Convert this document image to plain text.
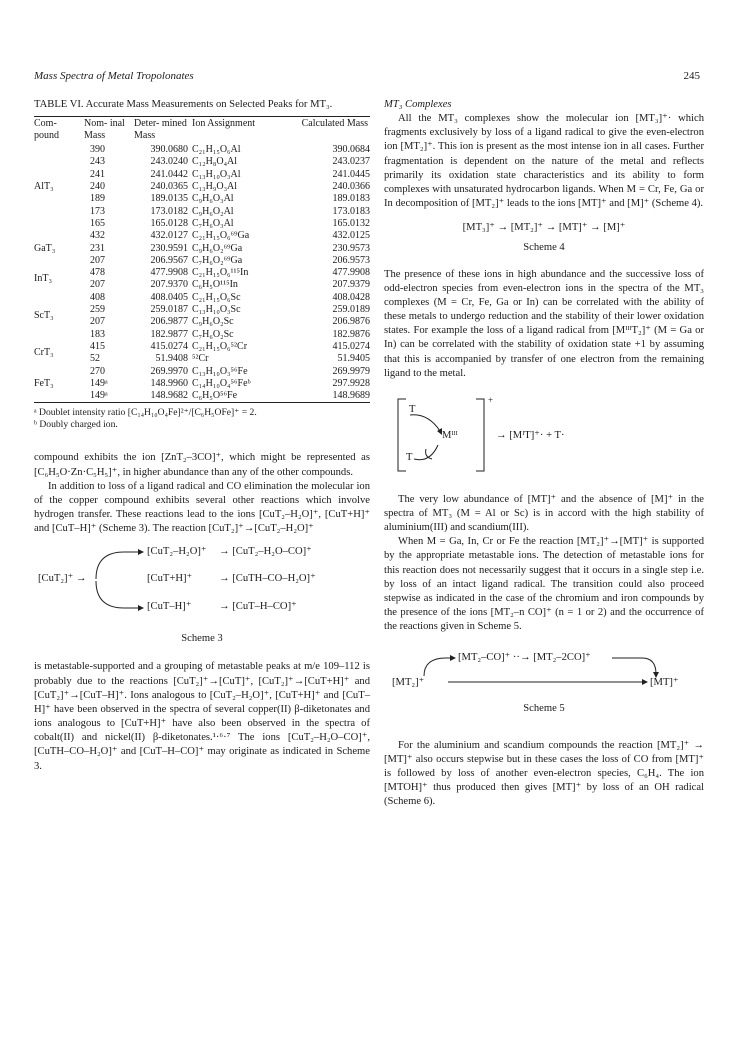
Mass Spectra of Metal Tropolonates	245

TABLE VI. Accurate Mass Measurements on Selected Peaks for MT₃.

Com- pound	Nom- inal Mass	Deter- mined Mass	Ion Assignment	Calculated Mass
AlT₃	390	390.0680	C₂₁H₁₅O₆Al	390.0684
	243	243.0240	C₁₂H₈O₄Al	243.0237
	241	241.0442	C₁₃H₁₀O₃Al	241.0445
	240	240.0365	C₁₃H₉O₃Al	240.0366
	189	189.0135	C₉H₆O₃Al	189.0183
	173	173.0182	C₉H₆O₂Al	173.0183
	165	165.0128	C₇H₆O₃Al	165.0132
GaT₃	432	432.0127	C₂₁H₁₅O₆⁶⁹Ga	432.0125
	231	230.9591	C₉H₆O₂⁶⁹Ga	230.9573
	207	206.9567	C₇H₆O₂⁶⁹Ga	206.9573
InT₃	478	477.9908	C₂₁H₁₅O₆¹¹⁵In	477.9908
	207	207.9370	C₆H₅O¹¹⁵In	207.9379
ScT₃	408	408.0405	C₂₁H₁₅O₆Sc	408.0428
	259	259.0187	C₁₃H₁₀O₃Sc	259.0189
	207	206.9877	C₉H₆O₂Sc	206.9876
	183	182.9877	C₇H₆O₂Sc	182.9876
CrT₃	415	415.0274	C₂₁H₁₅O₆⁵²Cr	415.0274
	52	51.9408	⁵²Cr	51.9405
FeT₃	270	269.9970	C₁₃H₁₀O₃⁵⁶Fe	269.9979
	149ᵃ	148.9960	C₁₄H₁₀O₄⁵⁶Feᵇ	297.9928
	149ᵃ	148.9682	C₆H₅O⁵⁶Fe	148.9689
ᵃ Doublet intensity ratio [C₁₄H₁₀O₄Fe]²⁺/[C₆H₅OFe]⁺ = 2.
ᵇ Doubly charged ion.

compound exhibits the ion [ZnT₂–3CO]⁺, which might be represented as [C₆H₅O·Zn·C₅H₅]⁺, in higher abundance than any of the other compounds.

In addition to loss of a ligand radical and CO elimination the molecular ion of the copper compound exhibits several other reactions which involve hydrogen transfer. These reactions lead to the ions [CuT₂–H₂O]⁺, [CuT+H]⁺ and [CuT–H]⁺ (Scheme 3). The reaction [CuT₂]⁺→[CuT₂–H₂O]⁺

[CuT₂]⁺ →
[CuT₂–H₂O]⁺ → [CuT₂–H₂O–CO]⁺
[CuT+H]⁺	→ [CuTH–CO–H₂O]⁺
[CuT–H]⁺	→ [CuT–H–CO]⁺

Scheme 3

is metastable-supported and a grouping of metastable peaks at m/e 109–112 is probably due to the reactions [CuT₂]⁺→[CuT]⁺, [CuT₂]⁺→[CuT+H]⁺ and [CuT₂]⁺→[CuT–H]⁺. Ions analogous to [CuT₂–H₂O]⁺, [CuT+H]⁺ and [CuT–H]⁺ have been observed in the spectra of several copper(II) β-diketonates and ions analogous to [CuT+H]⁺ have also been observed in the spectra of cobalt(II) and nickel(II) β-diketonates.¹·⁶·⁷ The ions [CuT₂–H₂O–CO]⁺, [CuTH–CO–H₂O]⁺ and [CuT–H–CO]⁺ may originate as indicated in Scheme 3.

MT₃ Complexes

All the MT₃ complexes show the molecular ion [MT₃]⁺· which fragments exclusively by loss of a ligand radical to give the even-electron ion [MT₂]⁺. This ion is present as the most intense ion in all cases. Further fragmentation is dependent on the nature of the metal and reflects primarily its oxidation state characteristics and its ability to form complexes with unsaturated hydrocarbon ligands. When M = Cr, Fe, Ga or In decomposition of [MT₂]⁺ leads to the ions [MT]⁺ and [M]⁺ (Scheme 4).

[MT₃]⁺ → [MT₂]⁺ → [MT]⁺ → [M]⁺

Scheme 4

The presence of these ions in high abundance and the successive loss of odd-electron species from even-electron ions in the spectra of the MT₃ complexes (M = Cr, Fe, Ga or In) can be correlated with the ability of these metals to undergo reduction and the stability of their lower oxidation states. For example the loss of a ligand radical from [MᴵᴵᴵT₂]⁺ (M = Ga or In) can be correlated with the stability of oxidation state +1 by assuming that this is accompanied by transfer of one electron from the remaining ligand to the metal.

T
Mᴵᴵᴵ
T
+
→ [MᴵT]⁺· + T·

The very low abundance of [MT]⁺ and the absence of [M]⁺ in the spectra of MT₃ (M = Al or Sc) is in accord with the high stability of aluminium(III) and scandium(III).

When M = Ga, In, Cr or Fe the reaction [MT₂]⁺→[MT]⁺ is supported by the appropriate metastable ions. The detection of metastable ions for this reaction does not necessarily suggest that it occurs in a single step i.e. by loss of an intact ligand radical. The transition could also proceed stepwise as indicated in the case of the chromium and iron compounds by the presence of the ions [MT₂–n CO]⁺ (n = 1 or 2) and the occurrence of the reactions given in Scheme 5.

[MT₂]⁺
[MT₂–CO]⁺ ··→ [MT₂–2CO]⁺
[MT]⁺

Scheme 5

For the aluminium and scandium compounds the reaction [MT₂]⁺ → [MT]⁺ also occurs stepwise but in these cases the loss of CO from [MT]⁺ is followed by loss of another even-electron species, C₆H₄. The ion [MTOH]⁺ thus produced then gives [MT]⁺ by loss of an OH radical (Scheme 6).
